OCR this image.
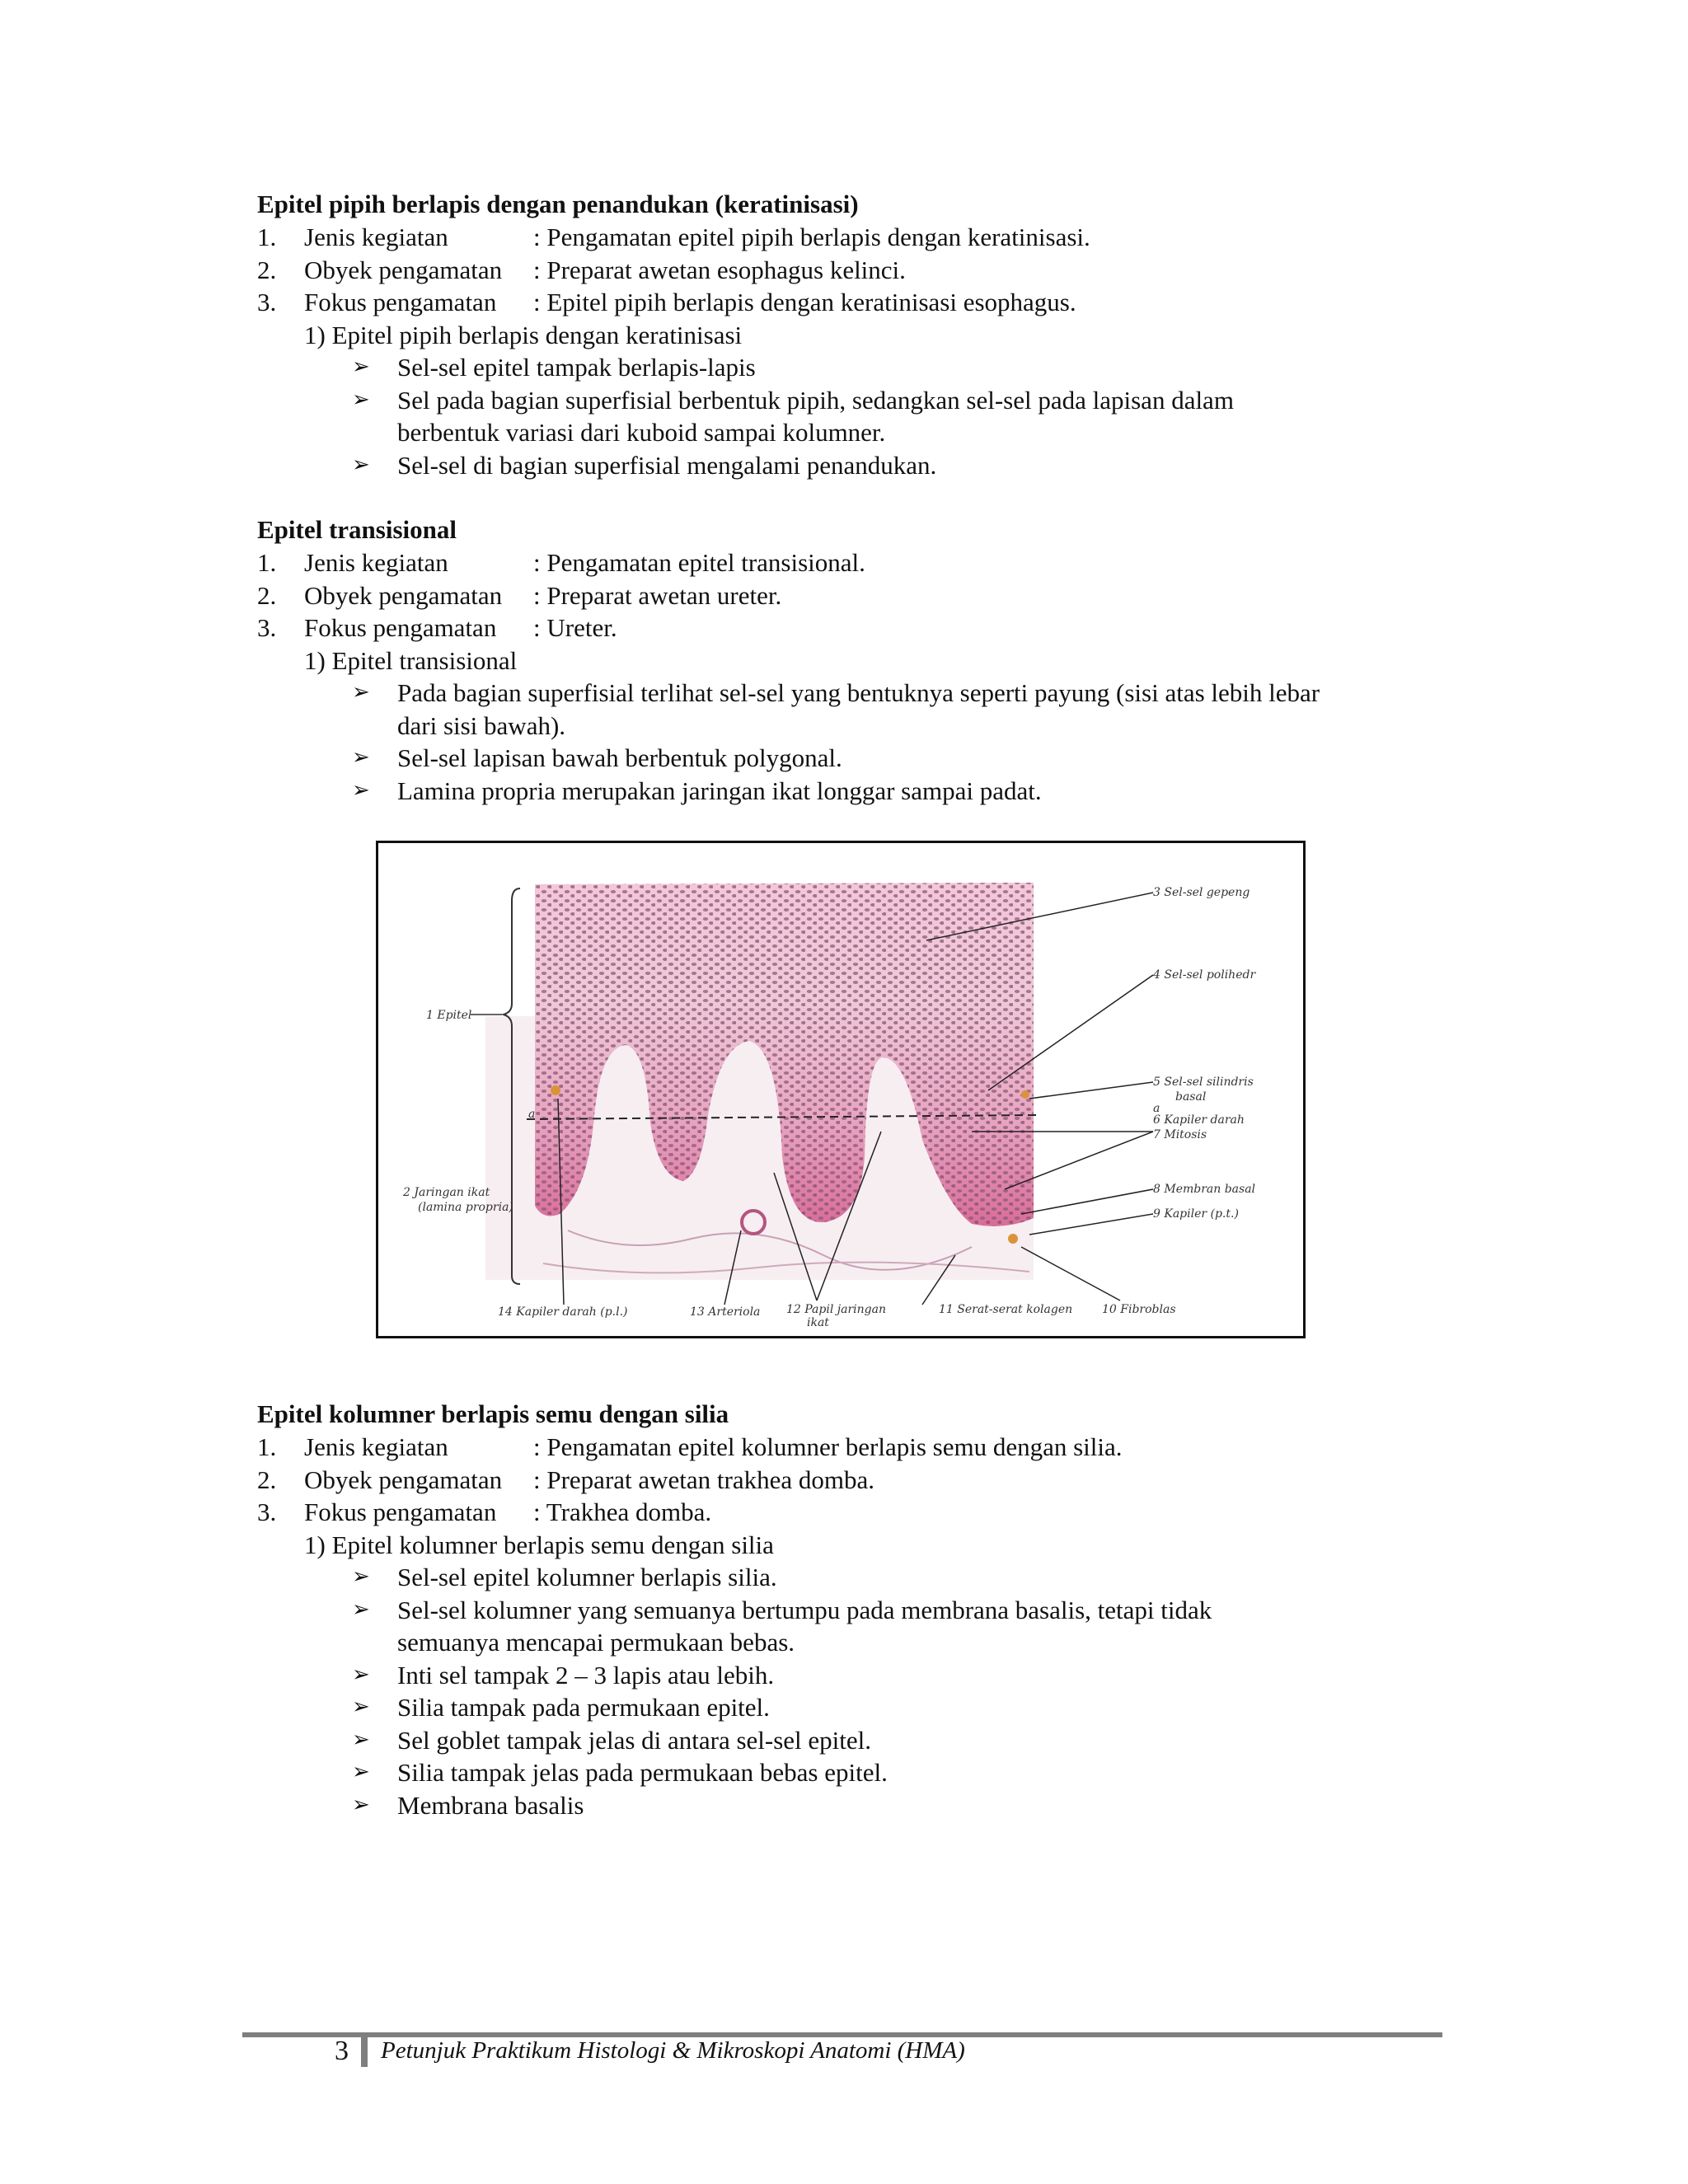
Epitel pipih berlapis dengan penandukan (keratinisasi)
1. Jenis kegiatan	: Pengamatan epitel pipih berlapis dengan keratinisasi.
2. Obyek pengamatan : Preparat awetan esophagus kelinci.
3. Fokus pengamatan : Epitel pipih berlapis dengan keratinisasi esophagus.
1) Epitel pipih berlapis dengan keratinisasi
➢ Sel-sel epitel tampak berlapis-lapis
➢ Sel pada bagian superfisial berbentuk pipih, sedangkan sel-sel pada lapisan dalam
berbentuk variasi dari kuboid sampai kolumner.
➢ Sel-sel di bagian superfisial mengalami penandukan.
Epitel transisional
1. Jenis kegiatan	: Pengamatan epitel transisional.
2. Obyek pengamatan : Preparat awetan ureter.
3. Fokus pengamatan : Ureter.
1) Epitel transisional
➢ Pada bagian superfisial terlihat sel-sel yang bentuknya seperti payung (sisi atas lebih lebar
dari sisi bawah).
➢ Sel-sel lapisan bawah berbentuk polygonal.
➢ Lamina propria merupakan jaringan ikat longgar sampai padat.
1 Epitel
2 Jaringan ikat
(lamina propria)
a	a
3 Sel-sel gepeng
4 Sel-sel polihedr
5 Sel-sel silindris
basal
6 Kapiler darah
7 Mitosis
8 Membran basal
9 Kapiler (p.t.)
14 Kapiler darah (p.l.)	13 Arteriola 12 Papil jaringan
ikat
11 Serat-serat kolagen	10 Fibroblas
Epitel kolumner berlapis semu dengan silia
1. Jenis kegiatan	: Pengamatan epitel kolumner berlapis semu dengan silia.
2. Obyek pengamatan : Preparat awetan trakhea domba.
3. Fokus pengamatan : Trakhea domba.
1) Epitel kolumner berlapis semu dengan silia
➢ Sel-sel epitel kolumner berlapis silia.
➢ Sel-sel kolumner yang semuanya bertumpu pada membrana basalis, tetapi tidak
semuanya mencapai permukaan bebas.
➢ Inti sel tampak 2 – 3 lapis atau lebih.
➢ Silia tampak pada permukaan epitel.
➢ Sel goblet tampak jelas di antara sel-sel epitel.
➢ Silia tampak jelas pada permukaan bebas epitel.
➢ Membrana basalis
3 Petunjuk Praktikum Histologi & Mikroskopi Anatomi (HMA)
